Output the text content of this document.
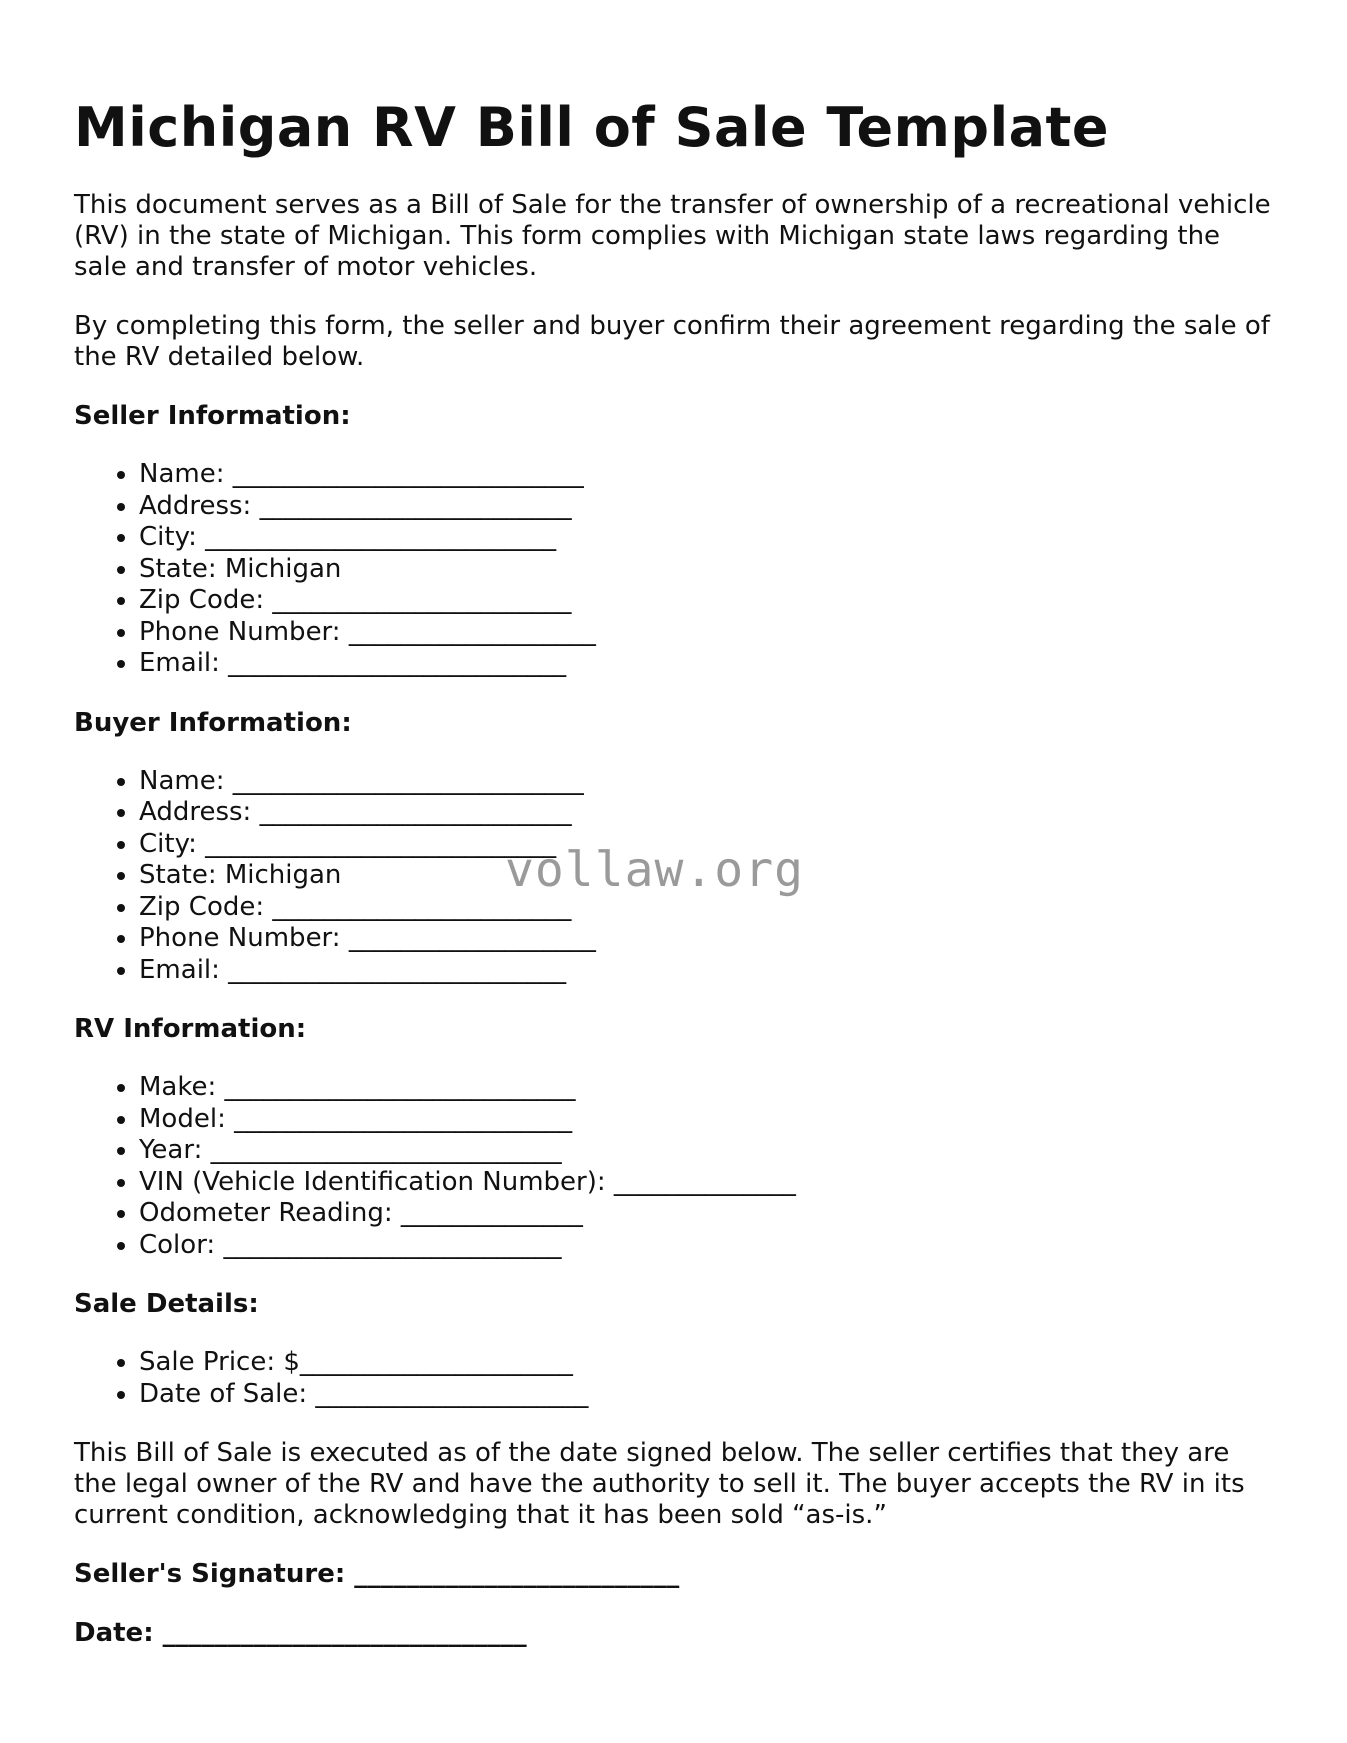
Michigan RV Bill of Sale Template

This document serves as a Bill of Sale for the transfer of ownership of a recreational vehicle (RV) in the state of Michigan. This form complies with Michigan state laws regarding the sale and transfer of motor vehicles.

By completing this form, the seller and buyer confirm their agreement regarding the sale of the RV detailed below.

Seller Information:
• Name: ___________________________
• Address: ________________________
• City: ___________________________
• State: Michigan
• Zip Code: _______________________
• Phone Number: ___________________
• Email: __________________________
Buyer Information:
• Name: ___________________________
• Address: ________________________
• City: ___________________________
• State: Michigan
• Zip Code: _______________________
• Phone Number: ___________________
• Email: __________________________
RV Information:
• Make: ___________________________
• Model: __________________________
• Year: ___________________________
• VIN (Vehicle Identification Number): ______________
• Odometer Reading: ______________
• Color: __________________________
Sale Details:
• Sale Price: $_____________________
• Date of Sale: _____________________

This Bill of Sale is executed as of the date signed below. The seller certifies that they are the legal owner of the RV and have the authority to sell it. The buyer accepts the RV in its current condition, acknowledging that it has been sold “as-is.”

Seller's Signature: _________________________
Date: ____________________________
vollaw.org
